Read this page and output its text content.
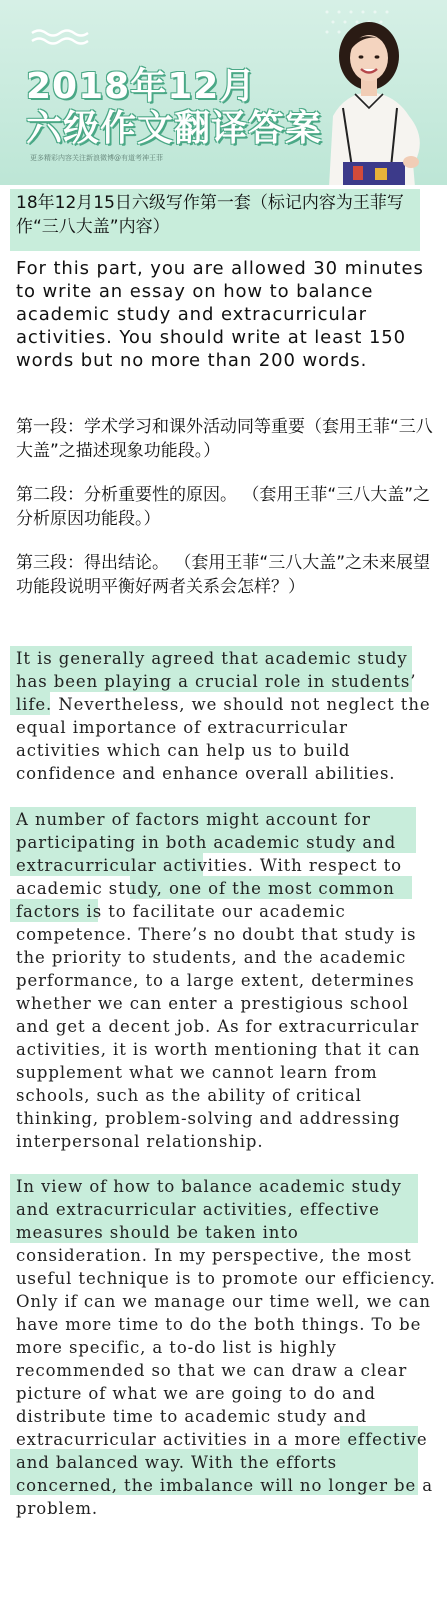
2018年12月
六级作文翻译答案
更多精彩内容关注新浪微博@有道考神王菲
18年12月15日六级写作第一套（标记内容为王菲写作“三八大盖”内容）
For this part, you are allowed 30 minutes to write an essay on how to balance academic study and extracurricular activities. You should write at least 150 words but no more than 200 words.
第一段：学术学习和课外活动同等重要（套用王菲“三八大盖”之描述现象功能段。）
第二段：分析重要性的原因。 （套用王菲“三八大盖”之分析原因功能段。）
第三段：得出结论。 （套用王菲“三八大盖”之未来展望功能段说明平衡好两者关系会怎样？）
It is generally agreed that academic study has been playing a crucial role in students’ life. Nevertheless, we should not neglect the equal importance of extracurricular activities which can help us to build confidence and enhance overall abilities.
A number of factors might account for participating in both academic study and extracurricular activities. With respect to academic study, one of the most common factors is to facilitate our academic competence. There’s no doubt that study is the priority to students, and the academic performance, to a large extent, determines whether we can enter a prestigious school and get a decent job. As for extracurricular activities, it is worth mentioning that it can supplement what we cannot learn from schools, such as the ability of critical thinking, problem-solving and addressing interpersonal relationship.
In view of how to balance academic study and extracurricular activities, effective measures should be taken into consideration. In my perspective, the most useful technique is to promote our efficiency. Only if can we manage our time well, we can have more time to do the both things. To be more specific, a to-do list is highly recommended so that we can draw a clear picture of what we are going to do and distribute time to academic study and extracurricular activities in a more effective and balanced way. With the efforts concerned, the imbalance will no longer be a problem.
